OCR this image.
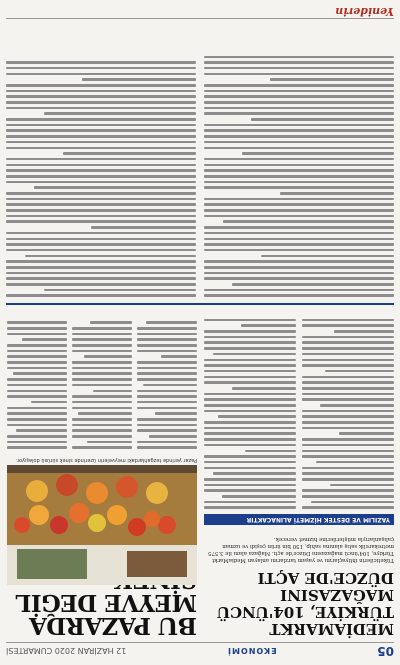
05
EKONOMİ
12 HAZİRAN 2020 CUMARTESİ
MEDİAMARKT TÜRKİYE, 104'ÜNCÜ MAĞAZASINI DÜZCE'DE AÇTI
Tüketicilerin ihtiyaçlarını ve yaşam tarzlarını anlayan MediaMarkt Türkiye, 104'üncü mağazasını Düzce'de açtı. Mağaza alanı ile 3.575 metrekarelik satış alanına sahip, 150 bin ürün çeşidi ve uzman çalışanlarıyla müşterilerine hizmet verecek.
YAZILIM VE DESTEK HİZMETİ ALINACAKTIR
BU PAZARDA MEYVE DEĞİL
Pazar yerinde tezgahlardaki meyvelerin üzerinde sinek sürüsü dolaşıyor.
Yeniderin
